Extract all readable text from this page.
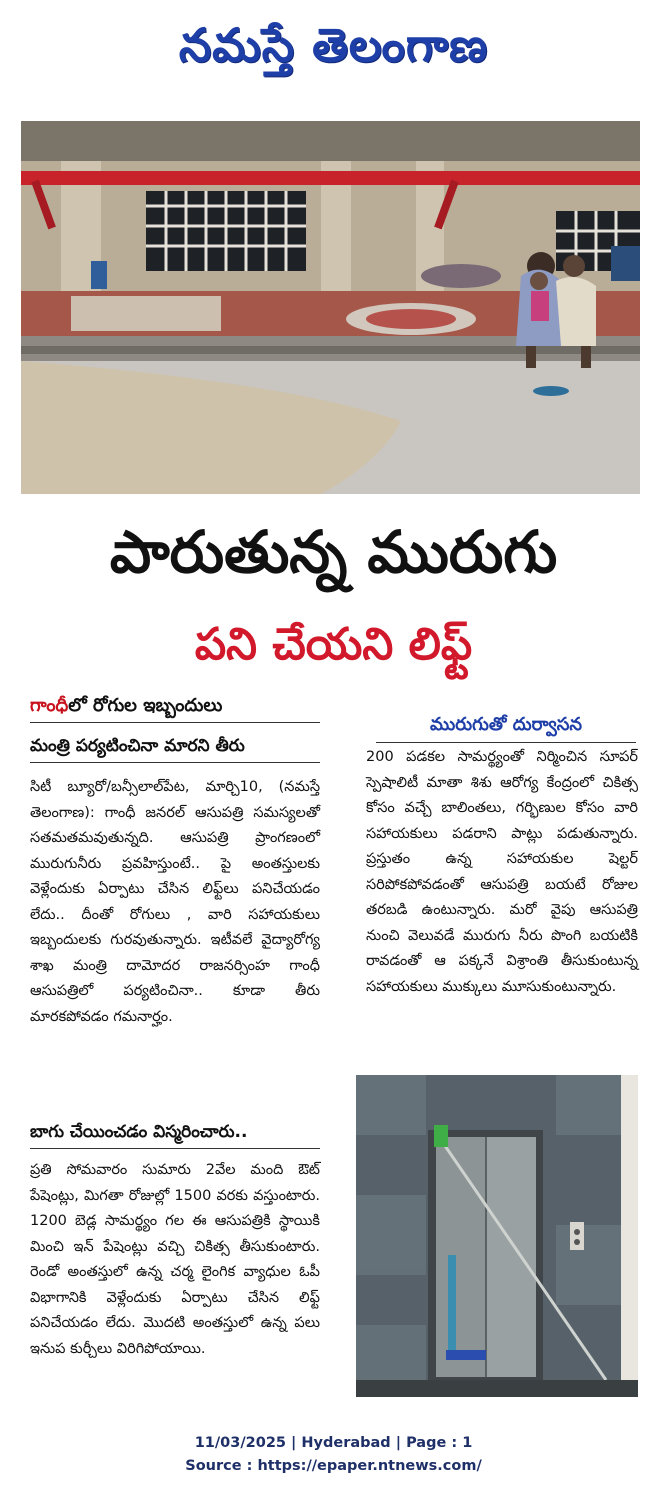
నమస్తే తెలంగాణ
పారుతున్న మురుగు
పని చేయని లిఫ్ట్
గాంధీలో రోగుల ఇబ్బందులు
మంత్రి పర్యటించినా మారని తీరు

సిటీ బ్యూరో/బన్సీలాల్‌పేట, మార్చి10, (నమస్తే తెలంగాణ): గాంధీ జనరల్ ఆసుపత్రి సమస్యలతో సతమతమవుతున్నది. ఆసుపత్రి ప్రాంగణంలో మురుగునీరు ప్రవహిస్తుంటే.. పై అంతస్తులకు వెళ్లేందుకు ఏర్పాటు చేసిన లిఫ్ట్‌లు పనిచేయడం లేదు.. దీంతో రోగులు , వారి సహాయకులు ఇబ్బందులకు గురవుతున్నారు. ఇటీవలే వైద్యారోగ్య శాఖ మంత్రి దామోదర రాజనర్సింహ గాంధీ ఆసుపత్రిలో పర్యటించినా.. కూడా తీరు మారకపోవడం గమనార్హం.

బాగు చేయించడం విస్మరించారు..

ప్రతి సోమవారం సుమారు 2వేల మంది ఔట్ పేషెంట్లు, మిగతా రోజుల్లో 1500 వరకు వస్తుంటారు. 1200 బెడ్ల సామర్థ్యం గల ఈ ఆసుపత్రికి స్థాయికి మించి ఇన్ పేషెంట్లు వచ్చి చికిత్స తీసుకుంటారు. రెండో అంతస్తులో ఉన్న చర్మ లైంగిక వ్యాధుల ఓపీ విభాగానికి వెళ్లేందుకు ఏర్పాటు చేసిన లిఫ్ట్ పనిచేయడం లేదు. మొదటి అంతస్తులో ఉన్న పలు ఇనుప కుర్చీలు విరిగిపోయాయి.

మురుగుతో దుర్వాసన

200 పడకల సామర్థ్యంతో నిర్మించిన సూపర్ స్పెషాలిటీ మాతా శిశు ఆరోగ్య కేంద్రంలో చికిత్స కోసం వచ్చే బాలింతలు, గర్భిణుల కోసం వారి సహాయకులు పడరాని పాట్లు పడుతున్నారు. ప్రస్తుతం ఉన్న సహాయకుల షెల్టర్ సరిపోకపోవడంతో ఆసుపత్రి బయటే రోజుల తరబడి ఉంటున్నారు. మరో వైపు ఆసుపత్రి నుంచి వెలువడే మురుగు నీరు పొంగి బయటికి రావడంతో ఆ పక్కనే విశ్రాంతి తీసుకుంటున్న సహాయకులు ముక్కులు మూసుకుంటున్నారు.

11/03/2025 | Hyderabad | Page : 1
Source : https://epaper.ntnews.com/
